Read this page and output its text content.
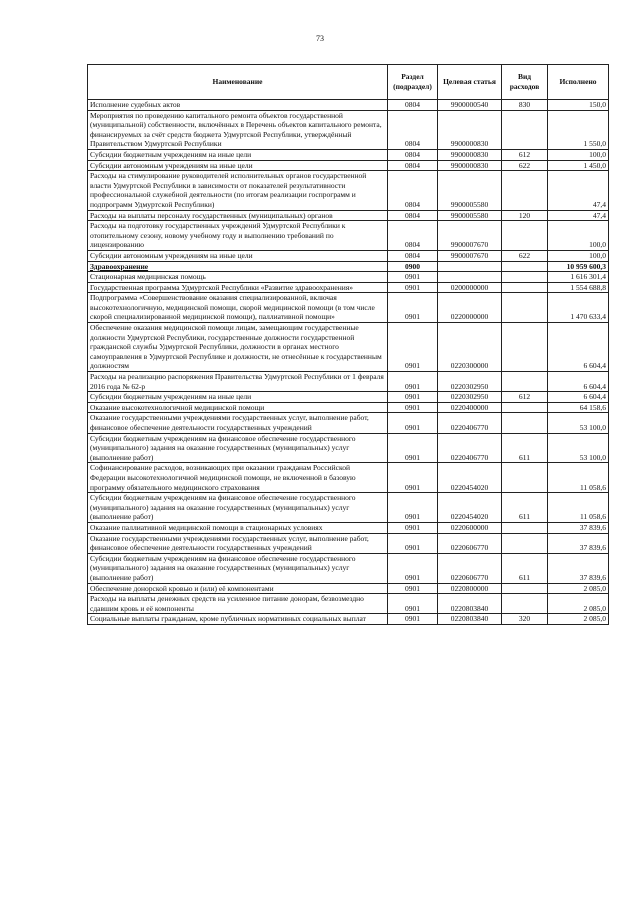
73
Наименование	Раздел (подраздел)	Целевая статья	Вид расходов	Исполнено
Исполнение судебных актов	0804	9900000540	830	150,0
Мероприятия по проведению капитального ремонта объектов государственной (муниципальной) собственности, включённых в Перечень объектов капитального ремонта, финансируемых за счёт средств бюджета Удмуртской Республики, утверждённый Правительством Удмуртской Республики	0804	9900000830		1 550,0
Субсидии бюджетным учреждениям на иные цели	0804	9900000830	612	100,0
Субсидии автономным учреждениям на иные цели	0804	9900000830	622	1 450,0
Расходы на стимулирование руководителей исполнительных органов государственной власти Удмуртской Республики в зависимости от показателей результативности профессиональной служебной деятельности (по итогам реализации госпрограмм и подпрограмм Удмуртской Республики)	0804	9900005580		47,4
Расходы на выплаты персоналу государственных (муниципальных) органов	0804	9900005580	120	47,4
Расходы на подготовку государственных учреждений Удмуртской Республики к отопительному сезону, новому учебному году и выполнению требований по лицензированию	0804	9900007670		100,0
Субсидии автономным учреждениям на иные цели	0804	9900007670	622	100,0
Здравоохранение	0900			10 959 600,3
Стационарная медицинская помощь	0901			1 616 301,4
Государственная программа Удмуртской Республики «Развитие здравоохранения»	0901	0200000000		1 554 688,8
Подпрограмма «Совершенствование оказания специализированной, включая высокотехнологичную, медицинской помощи, скорой медицинской помощи (в том числе скорой специализированной медицинской помощи), паллиативной помощи»	0901	0220000000		1 470 633,4
Обеспечение оказания медицинской помощи лицам, замещающим государственные должности Удмуртской Республики, государственные должности государственной гражданской службы Удмуртской Республики, должности в органах местного самоуправления в Удмуртской Республике и должности, не отнесённые к государственным должностям	0901	0220300000		6 604,4
Расходы на реализацию распоряжения Правительства Удмуртской Республики от 1 февраля 2016 года № 62-р	0901	0220302950		6 604,4
Субсидии бюджетным учреждениям на иные цели	0901	0220302950	612	6 604,4
Оказание высокотехнологичной медицинской помощи	0901	0220400000		64 158,6
Оказание государственными учреждениями государственных услуг, выполнение работ, финансовое обеспечение деятельности государственных учреждений	0901	0220406770		53 100,0
Субсидии бюджетным учреждениям на финансовое обеспечение государственного (муниципального) задания на оказание государственных (муниципальных) услуг (выполнение работ)	0901	0220406770	611	53 100,0
Софинансирование расходов, возникающих при оказании гражданам Российской Федерации высокотехнологичной медицинской помощи, не включенной в базовую программу обязательного медицинского страхования	0901	0220454020		11 058,6
Субсидии бюджетным учреждениям на финансовое обеспечение государственного (муниципального) задания на оказание государственных (муниципальных) услуг (выполнение работ)	0901	0220454020	611	11 058,6
Оказание паллиативной медицинской помощи в стационарных условиях	0901	0220600000		37 839,6
Оказание государственными учреждениями государственных услуг, выполнение работ, финансовое обеспечение деятельности государственных учреждений	0901	0220606770		37 839,6
Субсидии бюджетным учреждениям на финансовое обеспечение государственного (муниципального) задания на оказание государственных (муниципальных) услуг (выполнение работ)	0901	0220606770	611	37 839,6
Обеспечение донорской кровью и (или) её компонентами	0901	0220800000		2 085,0
Расходы на выплаты денежных средств на усиленное питание донорам, безвозмездно сдавшим кровь и её компоненты	0901	0220803840		2 085,0
Социальные выплаты гражданам, кроме публичных нормативных социальных выплат	0901	0220803840	320	2 085,0
